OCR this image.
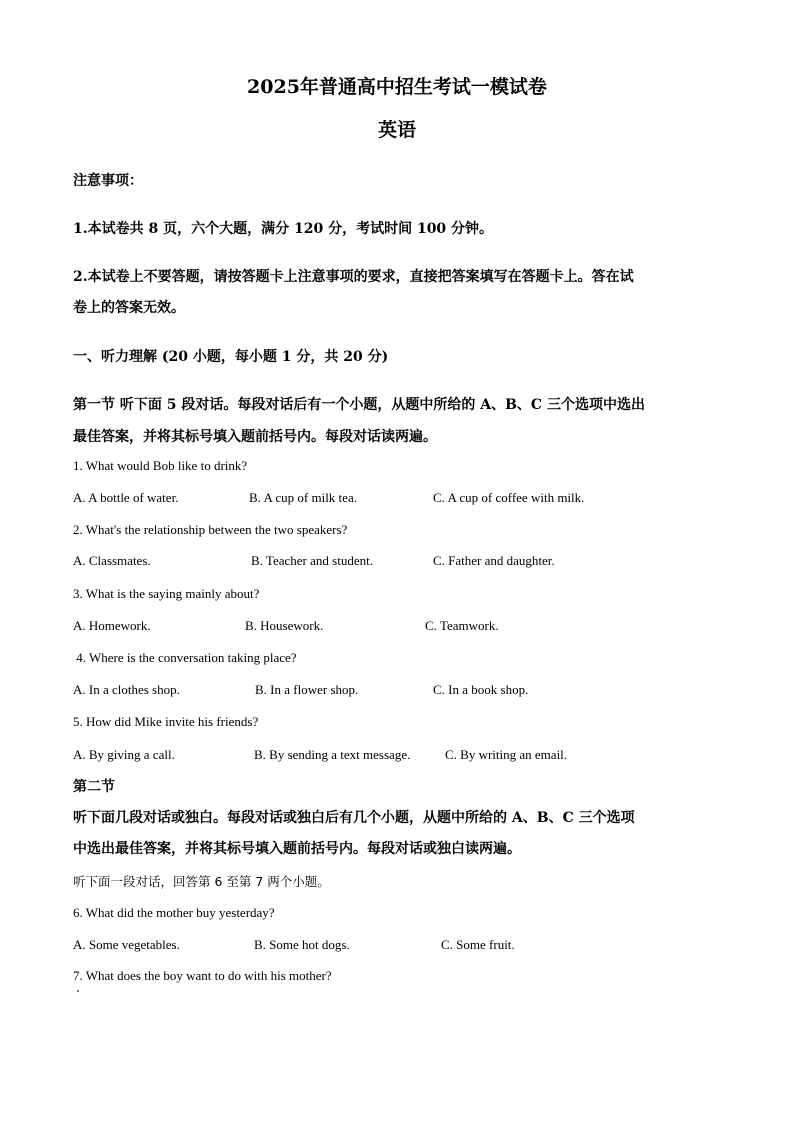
2025年普通高中招生考试一模试卷
英语
注意事项：
1.本试卷共 8 页，六个大题，满分 120 分，考试时间 100 分钟。
2.本试卷上不要答题，请按答题卡上注意事项的要求，直接把答案填写在答题卡上。答在试
卷上的答案无效。
一、听力理解 (20 小题，每小题 1 分，共 20 分)
第一节 听下面 5 段对话。每段对话后有一个小题，从题中所给的 A、B、C 三个选项中选出
最佳答案，并将其标号填入题前括号内。每段对话读两遍。
1. What would Bob like to drink?
A. A bottle of water.	B. A cup of milk tea.	C. A cup of coffee with milk.
2. What's the relationship between the two speakers?
A. Classmates.	B. Teacher and student.	C. Father and daughter.
3. What is the saying mainly about?
A. Homework.	B. Housework.	C. Teamwork.
4. Where is the conversation taking place?
A. In a clothes shop.	B. In a flower shop.	C. In a book shop.
5. How did Mike invite his friends?
A. By giving a call.	B. By sending a text message.	C. By writing an email.
第二节
听下面几段对话或独白。每段对话或独白后有几个小题，从题中所给的 A、B、C 三个选项
中选出最佳答案，并将其标号填入题前括号内。每段对话或独白读两遍。
听下面一段对话，回答第 6 至第 7 两个小题。
6. What did the mother buy yesterday?
A. Some vegetables.	B. Some hot dogs.	C. Some fruit.
7. What does the boy want to do with his mother?
